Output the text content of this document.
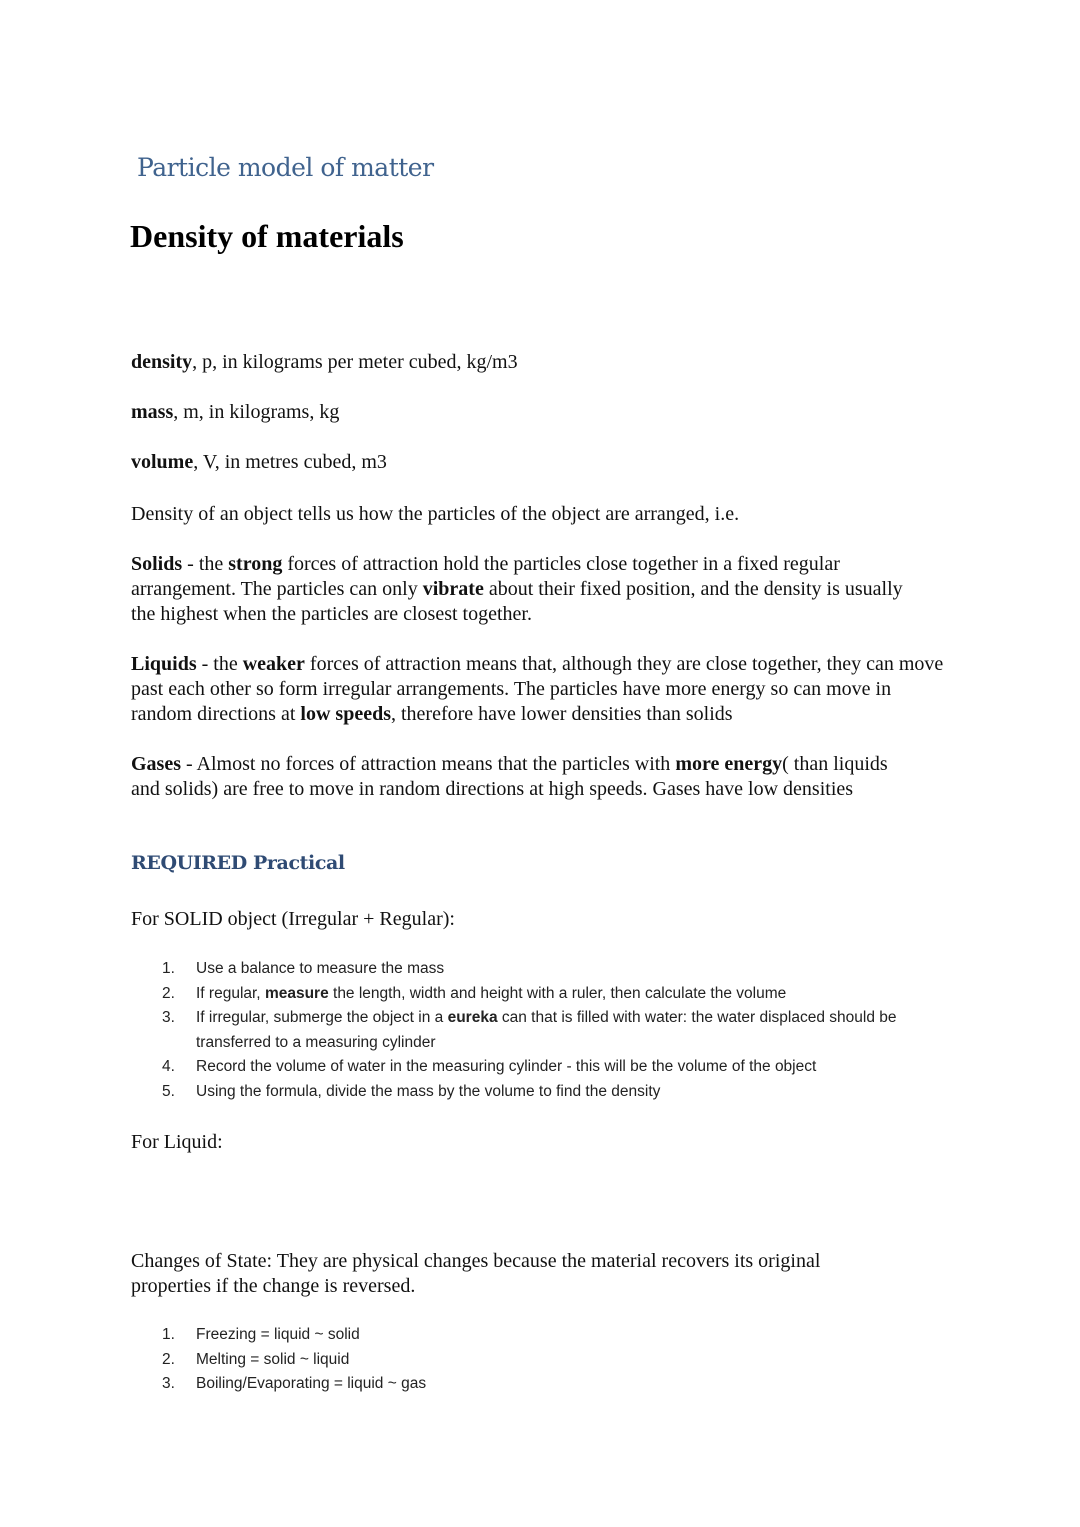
Particle model of matter
Density of materials
density, p, in kilograms per meter cubed, kg/m3
mass, m, in kilograms, kg
volume, V, in metres cubed, m3
Density of an object tells us how the particles of the object are arranged, i.e.
Solids - the strong forces of attraction hold the particles close together in a fixed regular arrangement. The particles can only vibrate about their fixed position, and the density is usually the highest when the particles are closest together.
Liquids - the weaker forces of attraction means that, although they are close together, they can move past each other so form irregular arrangements. The particles have more energy so can move in random directions at low speeds, therefore have lower densities than solids
Gases - Almost no forces of attraction means that the particles with more energy( than liquids and solids) are free to move in random directions at high speeds. Gases have low densities
REQUIRED Practical
For SOLID object (Irregular + Regular):
1. Use a balance to measure the mass
2. If regular, measure the length, width and height with a ruler, then calculate the volume
3. If irregular, submerge the object in a eureka can that is filled with water: the water displaced should be transferred to a measuring cylinder
4. Record the volume of water in the measuring cylinder - this will be the volume of the object
5. Using the formula, divide the mass by the volume to find the density
For Liquid:
Changes of State: They are physical changes because the material recovers its original properties if the change is reversed.
1. Freezing = liquid ~ solid
2. Melting = solid ~ liquid
3. Boiling/Evaporating = liquid ~ gas
